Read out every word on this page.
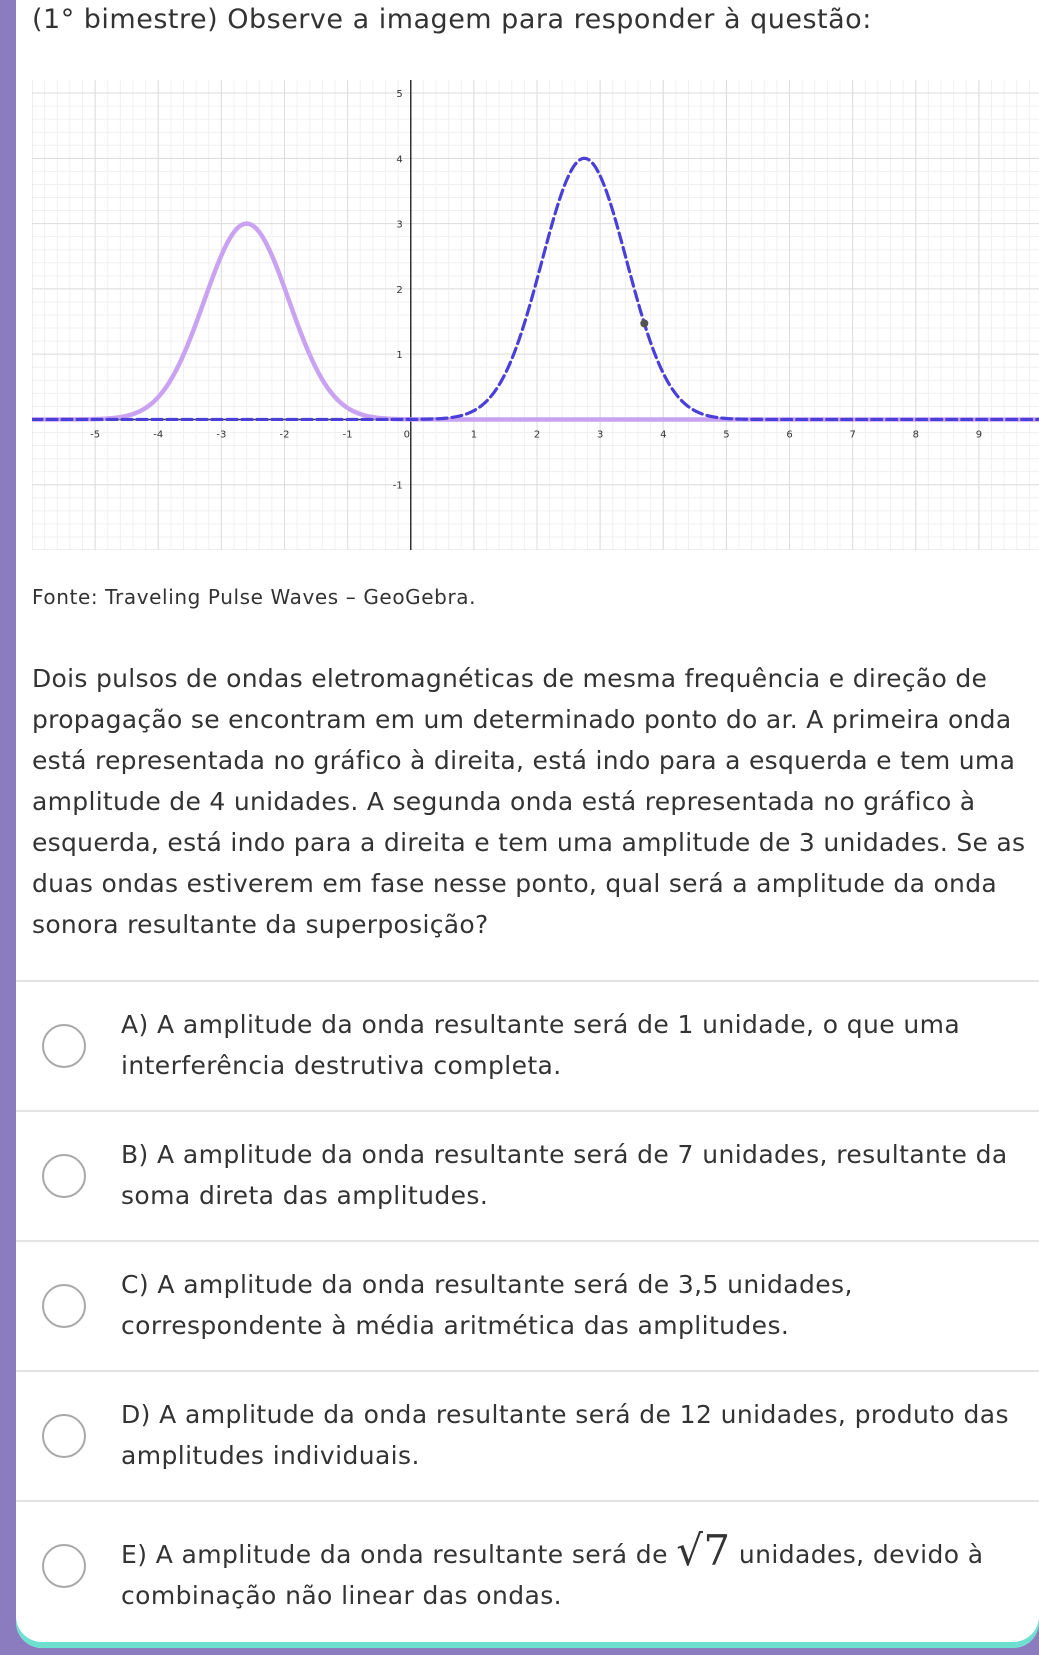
(1° bimestre) Observe a imagem para responder à questão:

-5	-4	-3	-2	-1	0	1	2	3	4	5	6	7	8	9
5
4
3
2
1
-1
Fonte: Traveling Pulse Waves – GeoGebra.

Dois pulsos de ondas eletromagnéticas de mesma frequência e direção de propagação se encontram em um determinado ponto do ar. A primeira onda está representada no gráfico à direita, está indo para a esquerda e tem uma amplitude de 4 unidades. A segunda onda está representada no gráfico à esquerda, está indo para a direita e tem uma amplitude de 3 unidades. Se as duas ondas estiverem em fase nesse ponto, qual será a amplitude da onda sonora resultante da superposição?

A) A amplitude da onda resultante será de 1 unidade, o que uma interferência destrutiva completa.
B) A amplitude da onda resultante será de 7 unidades, resultante da soma direta das amplitudes.
C) A amplitude da onda resultante será de 3,5 unidades, correspondente à média aritmética das amplitudes.
D) A amplitude da onda resultante será de 12 unidades, produto das amplitudes individuais.
E) A amplitude da onda resultante será de √7 unidades, devido à combinação não linear das ondas.
